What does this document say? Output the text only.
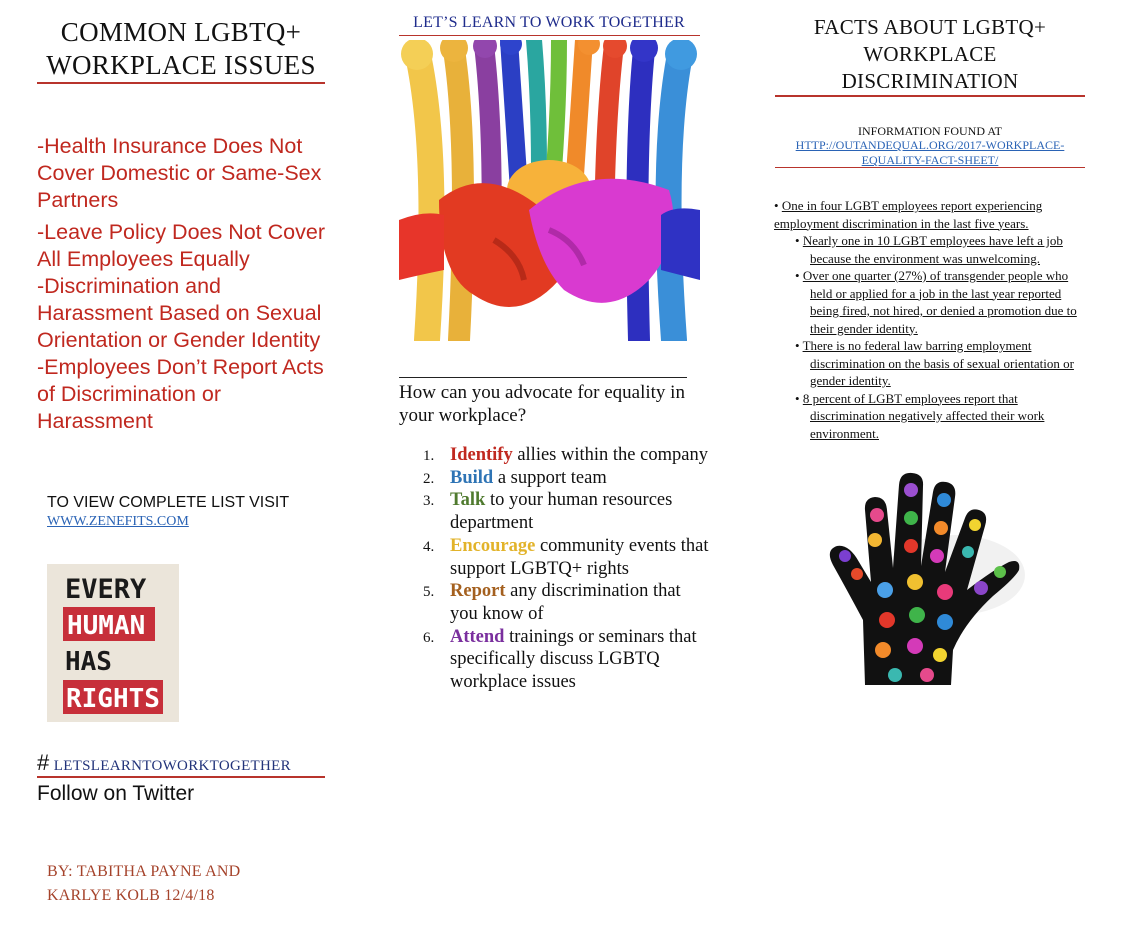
COMMON LGBTQ+
WORKPLACE ISSUES
-Health Insurance Does Not Cover Domestic or Same-Sex Partners
-Leave Policy Does Not Cover All Employees Equally
-Discrimination and Harassment Based on Sexual Orientation or Gender Identity
-Employees Don’t Report Acts of Discrimination or Harassment
TO VIEW COMPLETE LIST VISIT
WWW.ZENEFITS.COM
EVERY
HUMAN
HAS
RIGHTS
# LETSLEARNTOWORKTOGETHER
Follow on Twitter
BY: TABITHA PAYNE AND
KARLYE KOLB 12/4/18
LET’S LEARN TO WORK TOGETHER
How can you advocate for equality in your workplace?
1. Identify allies within the company
2. Build a support team
3. Talk to your human resources department
4. Encourage community events that support LGBTQ+ rights
5. Report any discrimination that you know of
6. Attend trainings or seminars that specifically discuss LGBTQ workplace issues
FACTS ABOUT LGBTQ+
WORKPLACE
DISCRIMINATION
INFORMATION FOUND AT
HTTP://OUTANDEQUAL.ORG/2017-WORKPLACE-
EQUALITY-FACT-SHEET/

• One in four LGBT employees report experiencing employment discrimination in the last five years.

• Nearly one in 10 LGBT employees have left a job because the environment was unwelcoming.

• Over one quarter (27%) of transgender people who held or applied for a job in the last year reported being fired, not hired, or denied a promotion due to their gender identity.

• There is no federal law barring employment discrimination on the basis of sexual orientation or gender identity.

• 8 percent of LGBT employees report that discrimination negatively affected their work environment.
